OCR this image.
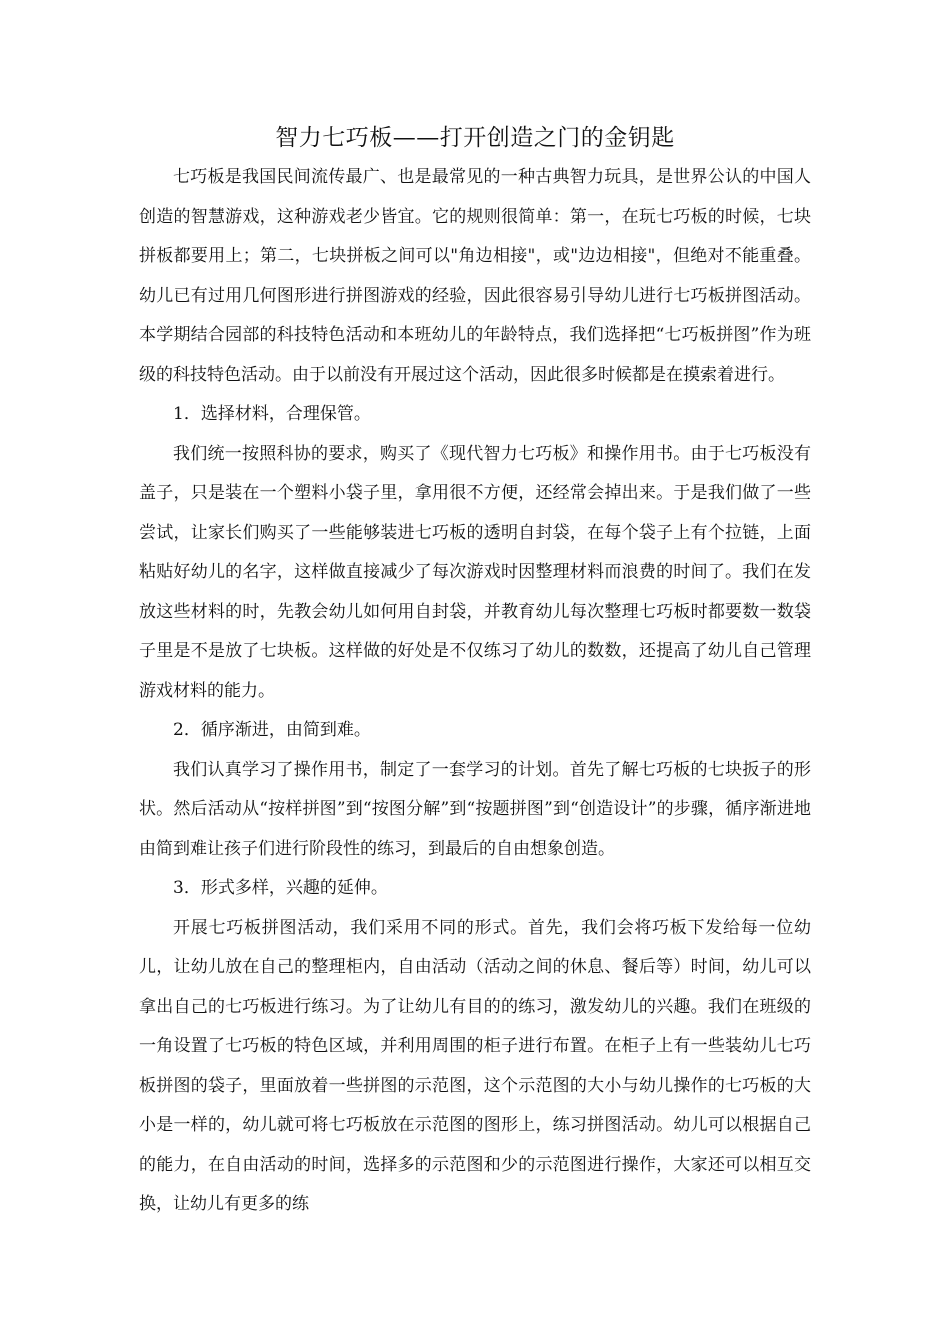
智力七巧板——打开创造之门的金钥匙

七巧板是我国民间流传最广、也是最常见的一种古典智力玩具，是世界公认的中国人创造的智慧游戏，这种游戏老少皆宜。它的规则很简单：第一，在玩七巧板的时候，七块拼板都要用上；第二，七块拼板之间可以"角边相接"，或"边边相接"，但绝对不能重叠。幼儿已有过用几何图形进行拼图游戏的经验，因此很容易引导幼儿进行七巧板拼图活动。本学期结合园部的科技特色活动和本班幼儿的年龄特点，我们选择把“七巧板拼图”作为班级的科技特色活动。由于以前没有开展过这个活动，因此很多时候都是在摸索着进行。

1．选择材料，合理保管。

我们统一按照科协的要求，购买了《现代智力七巧板》和操作用书。由于七巧板没有盖子，只是装在一个塑料小袋子里，拿用很不方便，还经常会掉出来。于是我们做了一些尝试，让家长们购买了一些能够装进七巧板的透明自封袋，在每个袋子上有个拉链，上面粘贴好幼儿的名字，这样做直接减少了每次游戏时因整理材料而浪费的时间了。我们在发放这些材料的时，先教会幼儿如何用自封袋，并教育幼儿每次整理七巧板时都要数一数袋子里是不是放了七块板。这样做的好处是不仅练习了幼儿的数数，还提高了幼儿自己管理游戏材料的能力。

2．循序渐进，由简到难。

我们认真学习了操作用书，制定了一套学习的计划。首先了解七巧板的七块扳子的形状。然后活动从“按样拼图”到“按图分解”到“按题拼图”到“创造设计”的步骤，循序渐进地由简到难让孩子们进行阶段性的练习，到最后的自由想象创造。

3．形式多样，兴趣的延伸。

开展七巧板拼图活动，我们采用不同的形式。首先，我们会将巧板下发给每一位幼儿，让幼儿放在自己的整理柜内，自由活动（活动之间的休息、餐后等）时间，幼儿可以拿出自己的七巧板进行练习。为了让幼儿有目的的练习，激发幼儿的兴趣。我们在班级的一角设置了七巧板的特色区域，并利用周围的柜子进行布置。在柜子上有一些装幼儿七巧板拼图的袋子，里面放着一些拼图的示范图，这个示范图的大小与幼儿操作的七巧板的大小是一样的，幼儿就可将七巧板放在示范图的图形上，练习拼图活动。幼儿可以根据自己的能力，在自由活动的时间，选择多的示范图和少的示范图进行操作，大家还可以相互交换，让幼儿有更多的练
